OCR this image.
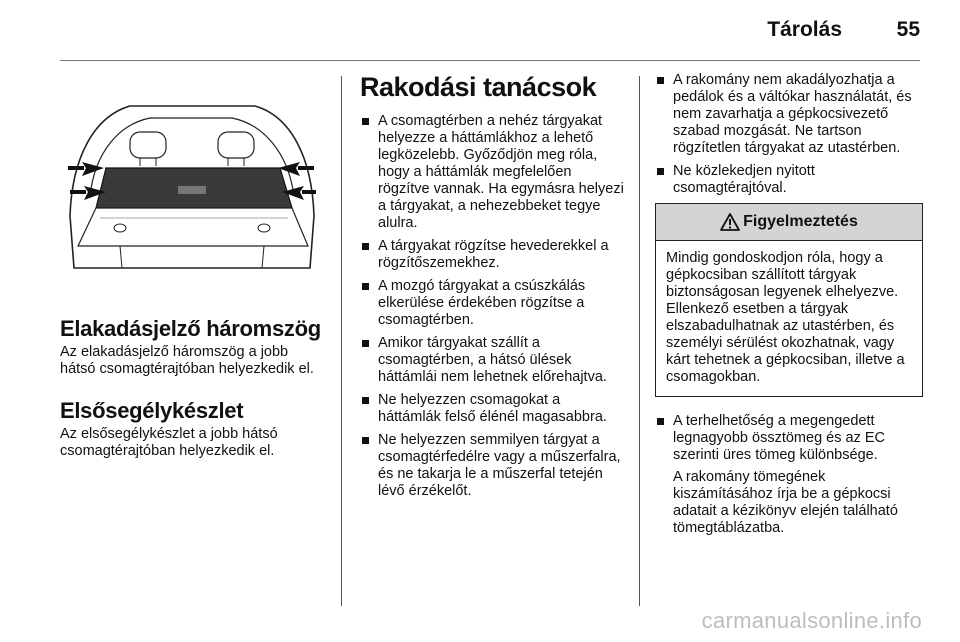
Tárolás	55
Elakadásjelző háromszög

Az elakadásjelző háromszög a jobb hátsó csomagtérajtóban helyezkedik el.

Elsősegélykészlet

Az elsősegélykészlet a jobb hátsó csomagtérajtóban helyezkedik el.

Rakodási tanácsok
A csomagtérben a nehéz tárgyakat helyezze a háttámlákhoz a lehető legközelebb. Győződjön meg róla, hogy a háttámlák megfelelően rögzítve vannak. Ha egymásra helyezi a tárgyakat, a nehezebbeket tegye alulra.
A tárgyakat rögzítse hevederekkel a rögzítőszemekhez.
A mozgó tárgyakat a csúszkálás elkerülése érdekében rögzítse a csomagtérben.
Amikor tárgyakat szállít a csomagtérben, a hátsó ülések háttámlái nem lehetnek előrehajtva.
Ne helyezzen csomagokat a háttámlák felső élénél magasabbra.
Ne helyezzen semmilyen tárgyat a csomagtérfedélre vagy a műszerfalra, és ne takarja le a műszerfal tetején lévő érzékelőt.
A rakomány nem akadályozhatja a pedálok és a váltókar használatát, és nem zavarhatja a gépkocsivezető szabad mozgását. Ne tartson rögzítetlen tárgyakat az utastérben.
Ne közlekedjen nyitott csomagtérajtóval.
Figyelmeztetés
Mindig gondoskodjon róla, hogy a gépkocsiban szállított tárgyak biztonságosan legyenek elhelyezve. Ellenkező esetben a tárgyak elszabadulhatnak az utastérben, és személyi sérülést okozhatnak, vagy kárt tehetnek a gépkocsiban, illetve a csomagokban.
A terhelhetőség a megengedett legnagyobb össztömeg és az EC szerinti üres tömeg különbsége.
A rakomány tömegének kiszámításához írja be a gépkocsi adatait a kézikönyv elején található tömegtáblázatba.
carmanualsonline.info
